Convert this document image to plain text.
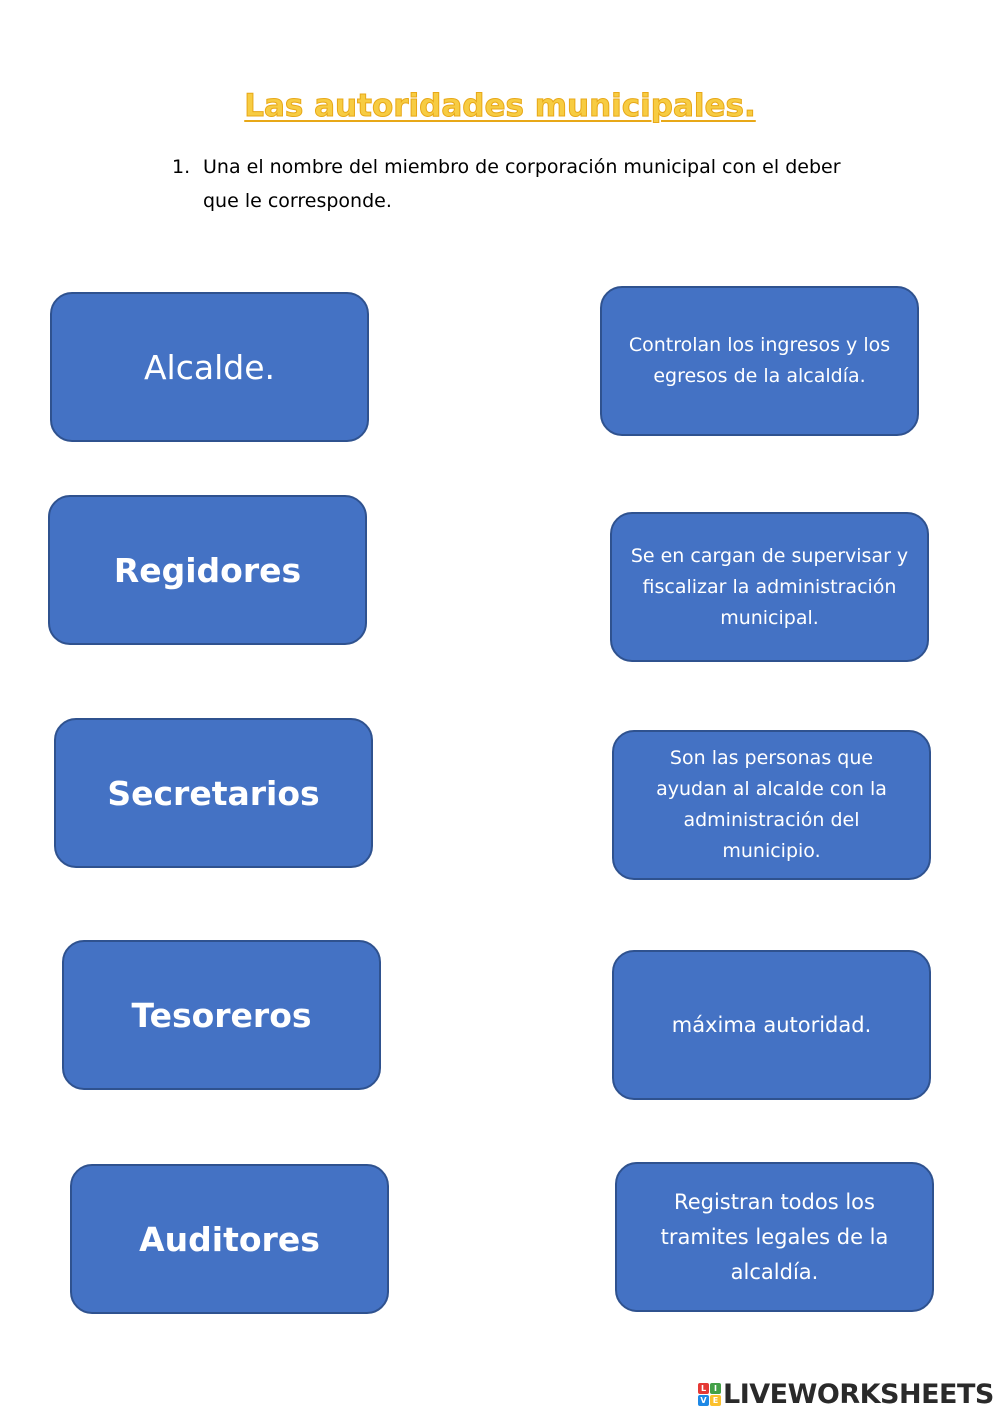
Las autoridades municipales.
1. Una el nombre del miembro de corporación municipal con el deber que le corresponde.
Alcalde.
Regidores
Secretarios
Tesoreros
Auditores
Controlan los ingresos y los egresos de la alcaldía.
Se en cargan de supervisar y fiscalizar la administración municipal.
Son las personas que ayudan al alcalde con la administración del municipio.
máxima autoridad.
Registran todos los tramites legales de la alcaldía.
L I
V E LIVEWORKSHEETS
